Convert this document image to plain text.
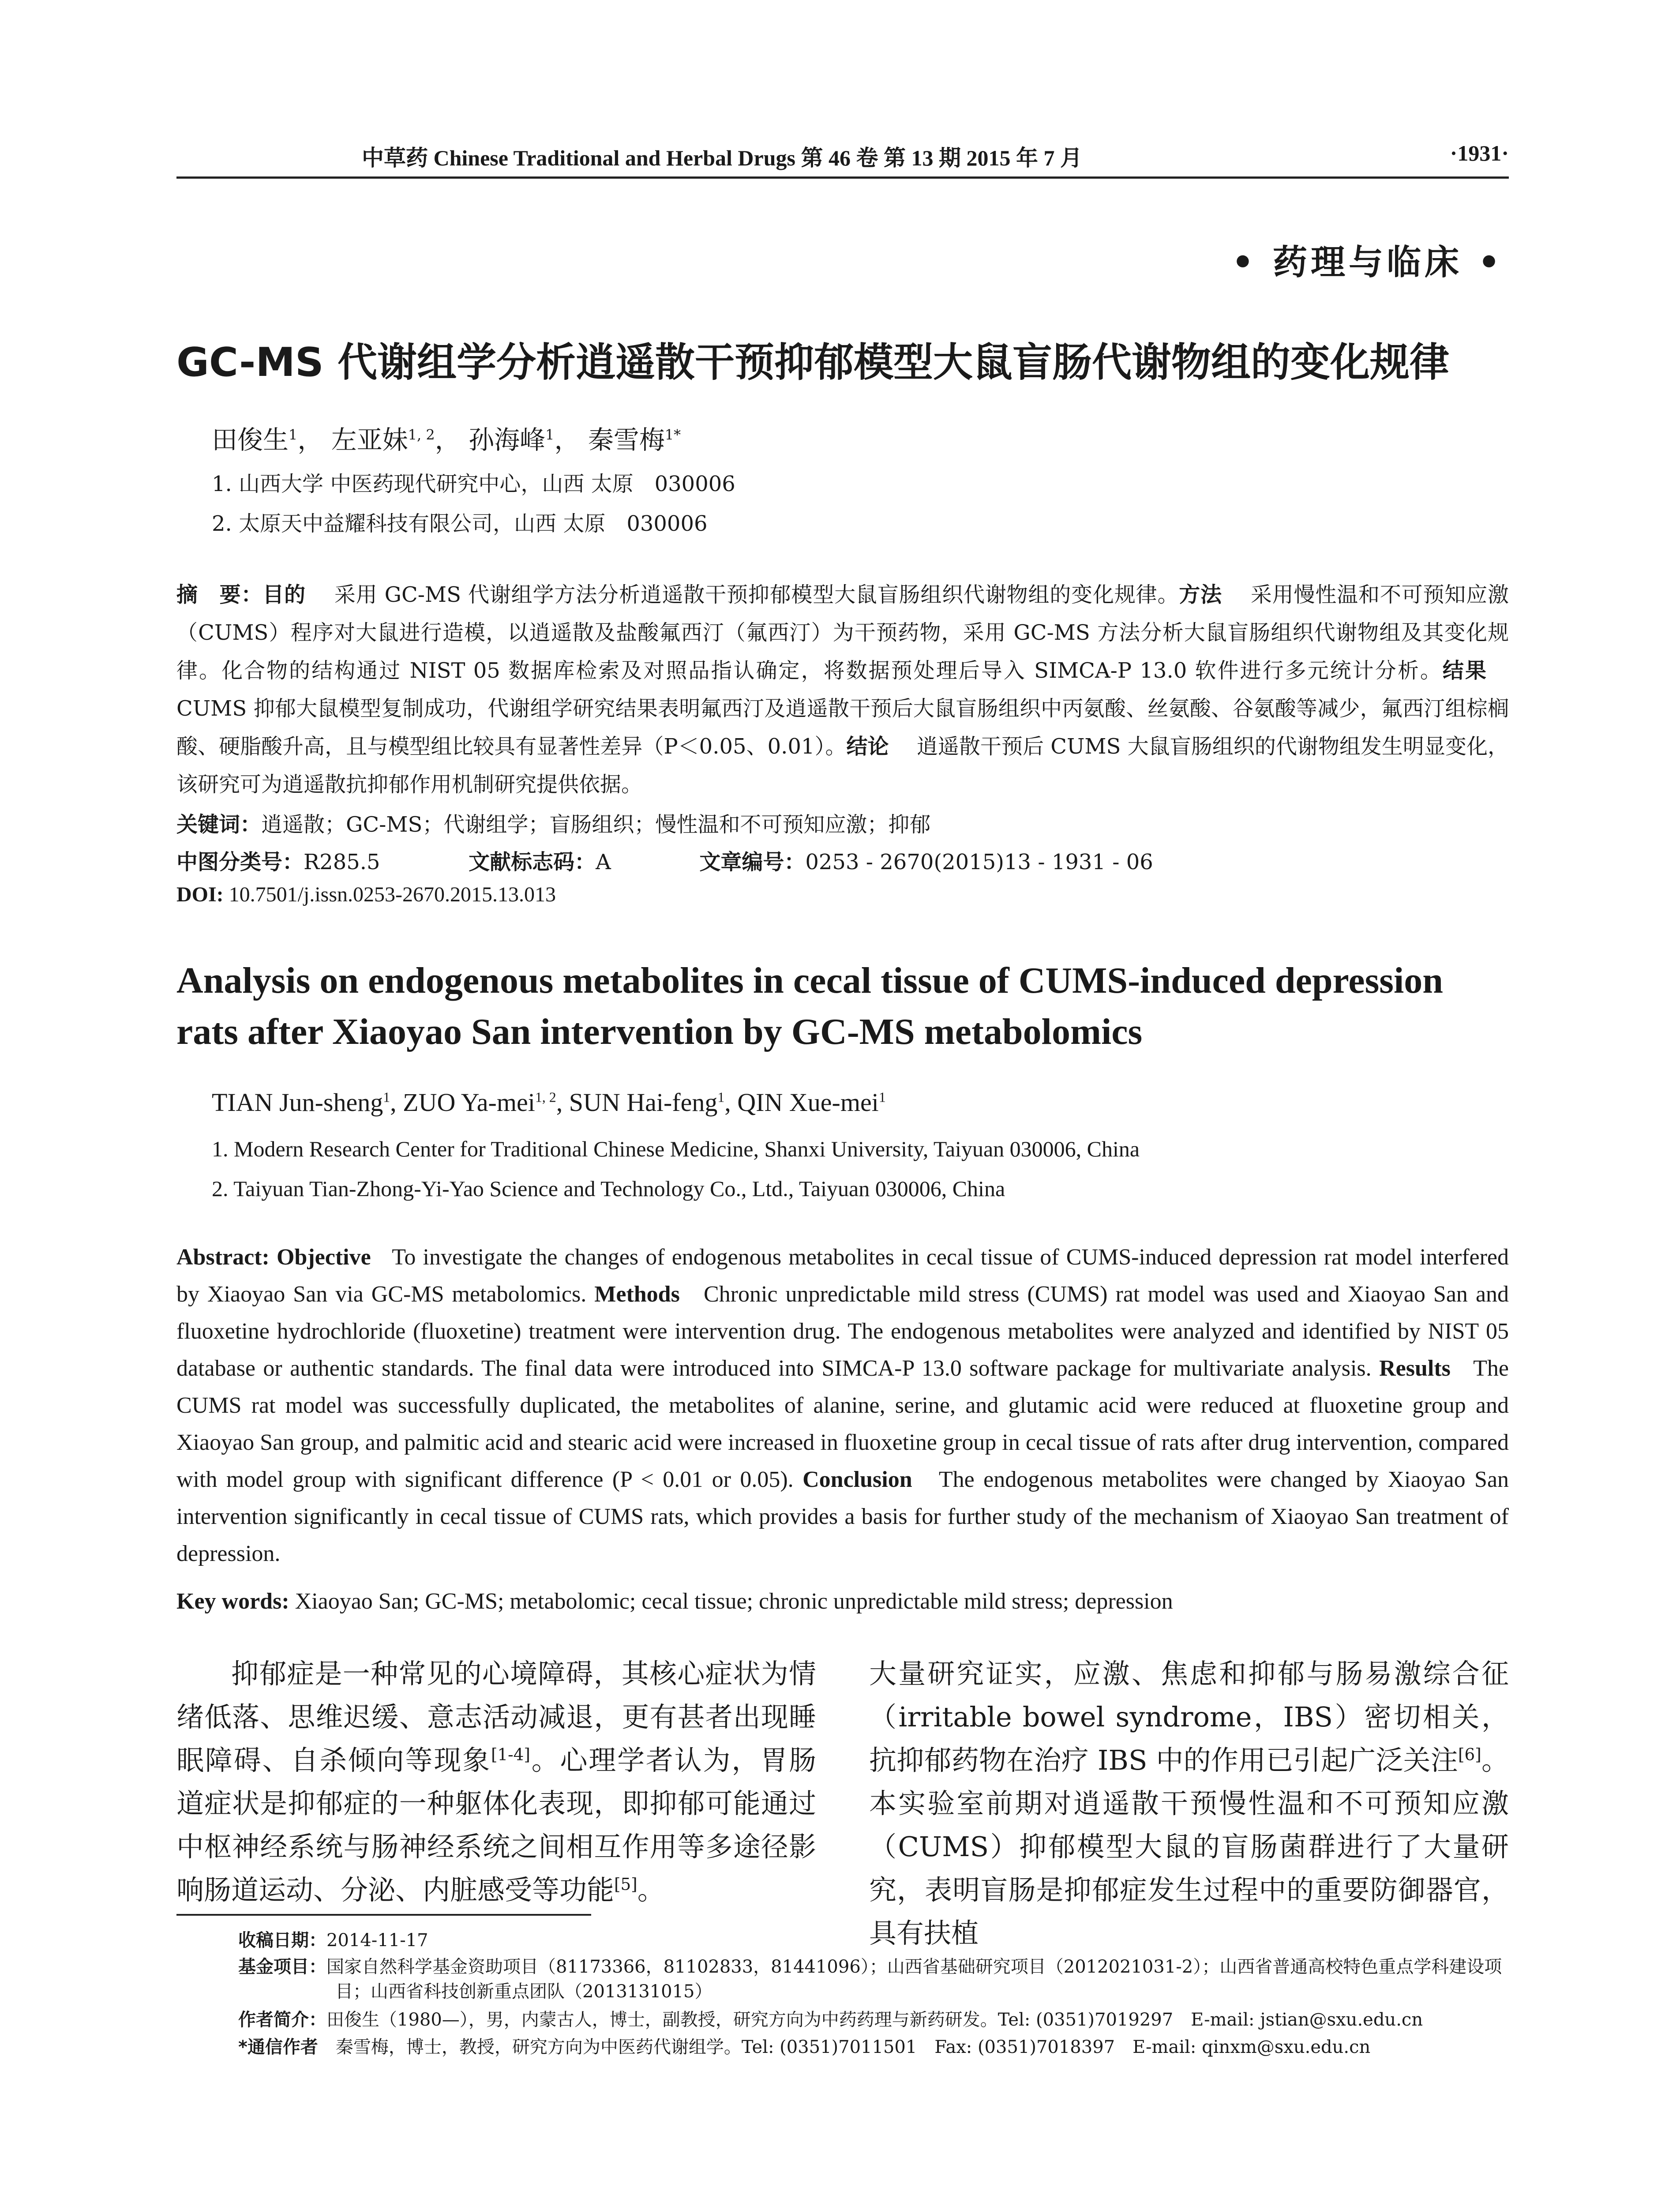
中草药 Chinese Traditional and Herbal Drugs 第 46 卷 第 13 期 2015 年 7 月	·1931·
• 药理与临床 •
GC-MS 代谢组学分析逍遥散干预抑郁模型大鼠盲肠代谢物组的变化规律
田俊生$^1$， 左亚妹$^{1, 2}$， 孙海峰$^1$， 秦雪梅$^{1*}$
1. 山西大学 中医药现代研究中心，山西 太原　030006
2. 太原天中益耀科技有限公司，山西 太原　030006
摘　要：目的　 采用 GC-MS 代谢组学方法分析逍遥散干预抑郁模型大鼠盲肠组织代谢物组的变化规律。方法　 采用慢性温和不可预知应激（CUMS）程序对大鼠进行造模，以逍遥散及盐酸氟西汀（氟西汀）为干预药物，采用 GC-MS 方法分析大鼠盲肠组织代谢物组及其变化规律。化合物的结构通过 NIST 05 数据库检索及对照品指认确定，将数据预处理后导入 SIMCA-P 13.0 软件进行多元统计分析。结果　 CUMS 抑郁大鼠模型复制成功，代谢组学研究结果表明氟西汀及逍遥散干预后大鼠盲肠组织中丙氨酸、丝氨酸、谷氨酸等减少，氟西汀组棕榈酸、硬脂酸升高，且与模型组比较具有显著性差异（P＜0.05、0.01）。结论　 逍遥散干预后 CUMS 大鼠盲肠组织的代谢物组发生明显变化，该研究可为逍遥散抗抑郁作用机制研究提供依据。
关键词：逍遥散；GC-MS；代谢组学；盲肠组织；慢性温和不可预知应激；抑郁
中图分类号：R285.5	文献标志码：A	文章编号：0253 - 2670(2015)13 - 1931 - 06
DOI: 10.7501/j.issn.0253-2670.2015.13.013
Analysis on endogenous metabolites in cecal tissue of CUMS-induced depression rats after Xiaoyao San intervention by GC-MS metabolomics
TIAN Jun-sheng$^1$, ZUO Ya-mei$^{1, 2}$, SUN Hai-feng$^1$, QIN Xue-mei$^1$
1. Modern Research Center for Traditional Chinese Medicine, Shanxi University, Taiyuan 030006, China
2. Taiyuan Tian-Zhong-Yi-Yao Science and Technology Co., Ltd., Taiyuan 030006, China
Abstract: Objective To investigate the changes of endogenous metabolites in cecal tissue of CUMS-induced depression rat model interfered by Xiaoyao San via GC-MS metabolomics. Methods Chronic unpredictable mild stress (CUMS) rat model was used and Xiaoyao San and fluoxetine hydrochloride (fluoxetine) treatment were intervention drug. The endogenous metabolites were analyzed and identified by NIST 05 database or authentic standards. The final data were introduced into SIMCA-P 13.0 software package for multivariate analysis. Results The CUMS rat model was successfully duplicated, the metabolites of alanine, serine, and glutamic acid were reduced at fluoxetine group and Xiaoyao San group, and palmitic acid and stearic acid were increased in fluoxetine group in cecal tissue of rats after drug intervention, compared with model group with significant difference (P < 0.01 or 0.05). Conclusion The endogenous metabolites were changed by Xiaoyao San intervention significantly in cecal tissue of CUMS rats, which provides a basis for further study of the mechanism of Xiaoyao San treatment of depression.
Key words: Xiaoyao San; GC-MS; metabolomic; cecal tissue; chronic unpredictable mild stress; depression
抑郁症是一种常见的心境障碍，其核心症状为情绪低落、思维迟缓、意志活动减退，更有甚者出现睡眠障碍、自杀倾向等现象[1-4]。心理学者认为，胃肠道症状是抑郁症的一种躯体化表现，即抑郁可能通过中枢神经系统与肠神经系统之间相互作用等多途径影响肠道运动、分泌、内脏感受等功能[5]。
大量研究证实，应激、焦虑和抑郁与肠易激综合征（irritable bowel syndrome，IBS）密切相关，抗抑郁药物在治疗 IBS 中的作用已引起广泛关注[6]。本实验室前期对逍遥散干预慢性温和不可预知应激（CUMS）抑郁模型大鼠的盲肠菌群进行了大量研究，表明盲肠是抑郁症发生过程中的重要防御器官，具有扶植
收稿日期：2014-11-17
基金项目：国家自然科学基金资助项目（81173366，81102833，81441096）；山西省基础研究项目（2012021031-2）；山西省普通高校特色重点学科建设项目；山西省科技创新重点团队（2013131015）
作者简介：田俊生（1980—），男，内蒙古人，博士，副教授，研究方向为中药药理与新药研发。Tel: (0351)7019297　E-mail: jstian@sxu.edu.cn
*通信作者　 秦雪梅，博士，教授，研究方向为中医药代谢组学。Tel: (0351)7011501　Fax: (0351)7018397　E-mail: qinxm@sxu.edu.cn
